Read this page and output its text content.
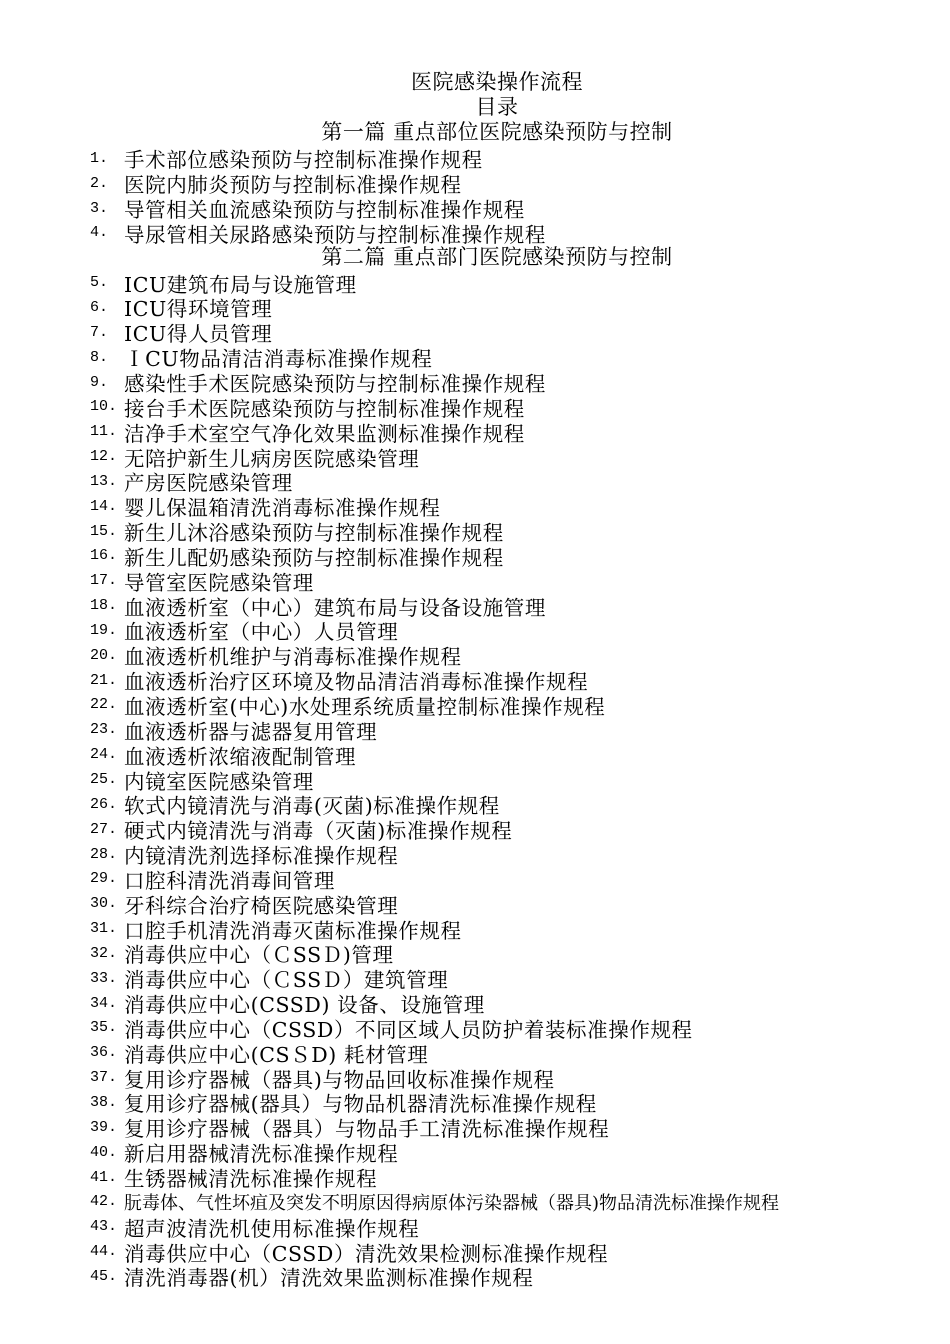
医院感染操作流程
目录
第一篇 重点部位医院感染预防与控制
第二篇 重点部门医院感染预防与控制
1. 手术部位感染预防与控制标准操作规程
2. 医院内肺炎预防与控制标准操作规程
3. 导管相关血流感染预防与控制标准操作规程
4. 导尿管相关尿路感染预防与控制标准操作规程
5. ICU建筑布局与设施管理
6. ICU得环境管理
7. ICU得人员管理
8. ＩCU物品清洁消毒标准操作规程
9. 感染性手术医院感染预防与控制标准操作规程
10. 接台手术医院感染预防与控制标准操作规程
11. 洁净手术室空气净化效果监测标准操作规程
12. 无陪护新生儿病房医院感染管理
13. 产房医院感染管理
14. 婴儿保温箱清洗消毒标准操作规程
15. 新生儿沐浴感染预防与控制标准操作规程
16. 新生儿配奶感染预防与控制标准操作规程
17. 导管室医院感染管理
18. 血液透析室（中心）建筑布局与设备设施管理
19. 血液透析室（中心）人员管理
20. 血液透析机维护与消毒标准操作规程
21. 血液透析治疗区环境及物品清洁消毒标准操作规程
22. 血液透析室(中心)水处理系统质量控制标准操作规程
23. 血液透析器与滤器复用管理
24. 血液透析浓缩液配制管理
25. 内镜室医院感染管理
26. 软式内镜清洗与消毒(灭菌)标准操作规程
27. 硬式内镜清洗与消毒（灭菌)标准操作规程
28. 内镜清洗剂选择标准操作规程
29. 口腔科清洗消毒间管理
30. 牙科综合治疗椅医院感染管理
31. 口腔手机清洗消毒灭菌标准操作规程
32. 消毒供应中心（ＣSSＤ)管理
33. 消毒供应中心（ＣSSＤ）建筑管理
34. 消毒供应中心(CSSD) 设备、设施管理
35. 消毒供应中心（CSSD）不同区域人员防护着装标准操作规程
36. 消毒供应中心(CSＳD) 耗材管理
37. 复用诊疗器械（器具)与物品回收标准操作规程
38. 复用诊疗器械(器具）与物品机器清洗标准操作规程
39. 复用诊疗器械（器具）与物品手工清洗标准操作规程
40. 新启用器械清洗标准操作规程
41. 生锈器械清洗标准操作规程
42. 朊毒体、气性坏疽及突发不明原因得病原体污染器械（器具)物品清洗标准操作规程
43. 超声波清洗机使用标准操作规程
44. 消毒供应中心（CSSD）清洗效果检测标准操作规程
45. 清洗消毒器(机）清洗效果监测标准操作规程
